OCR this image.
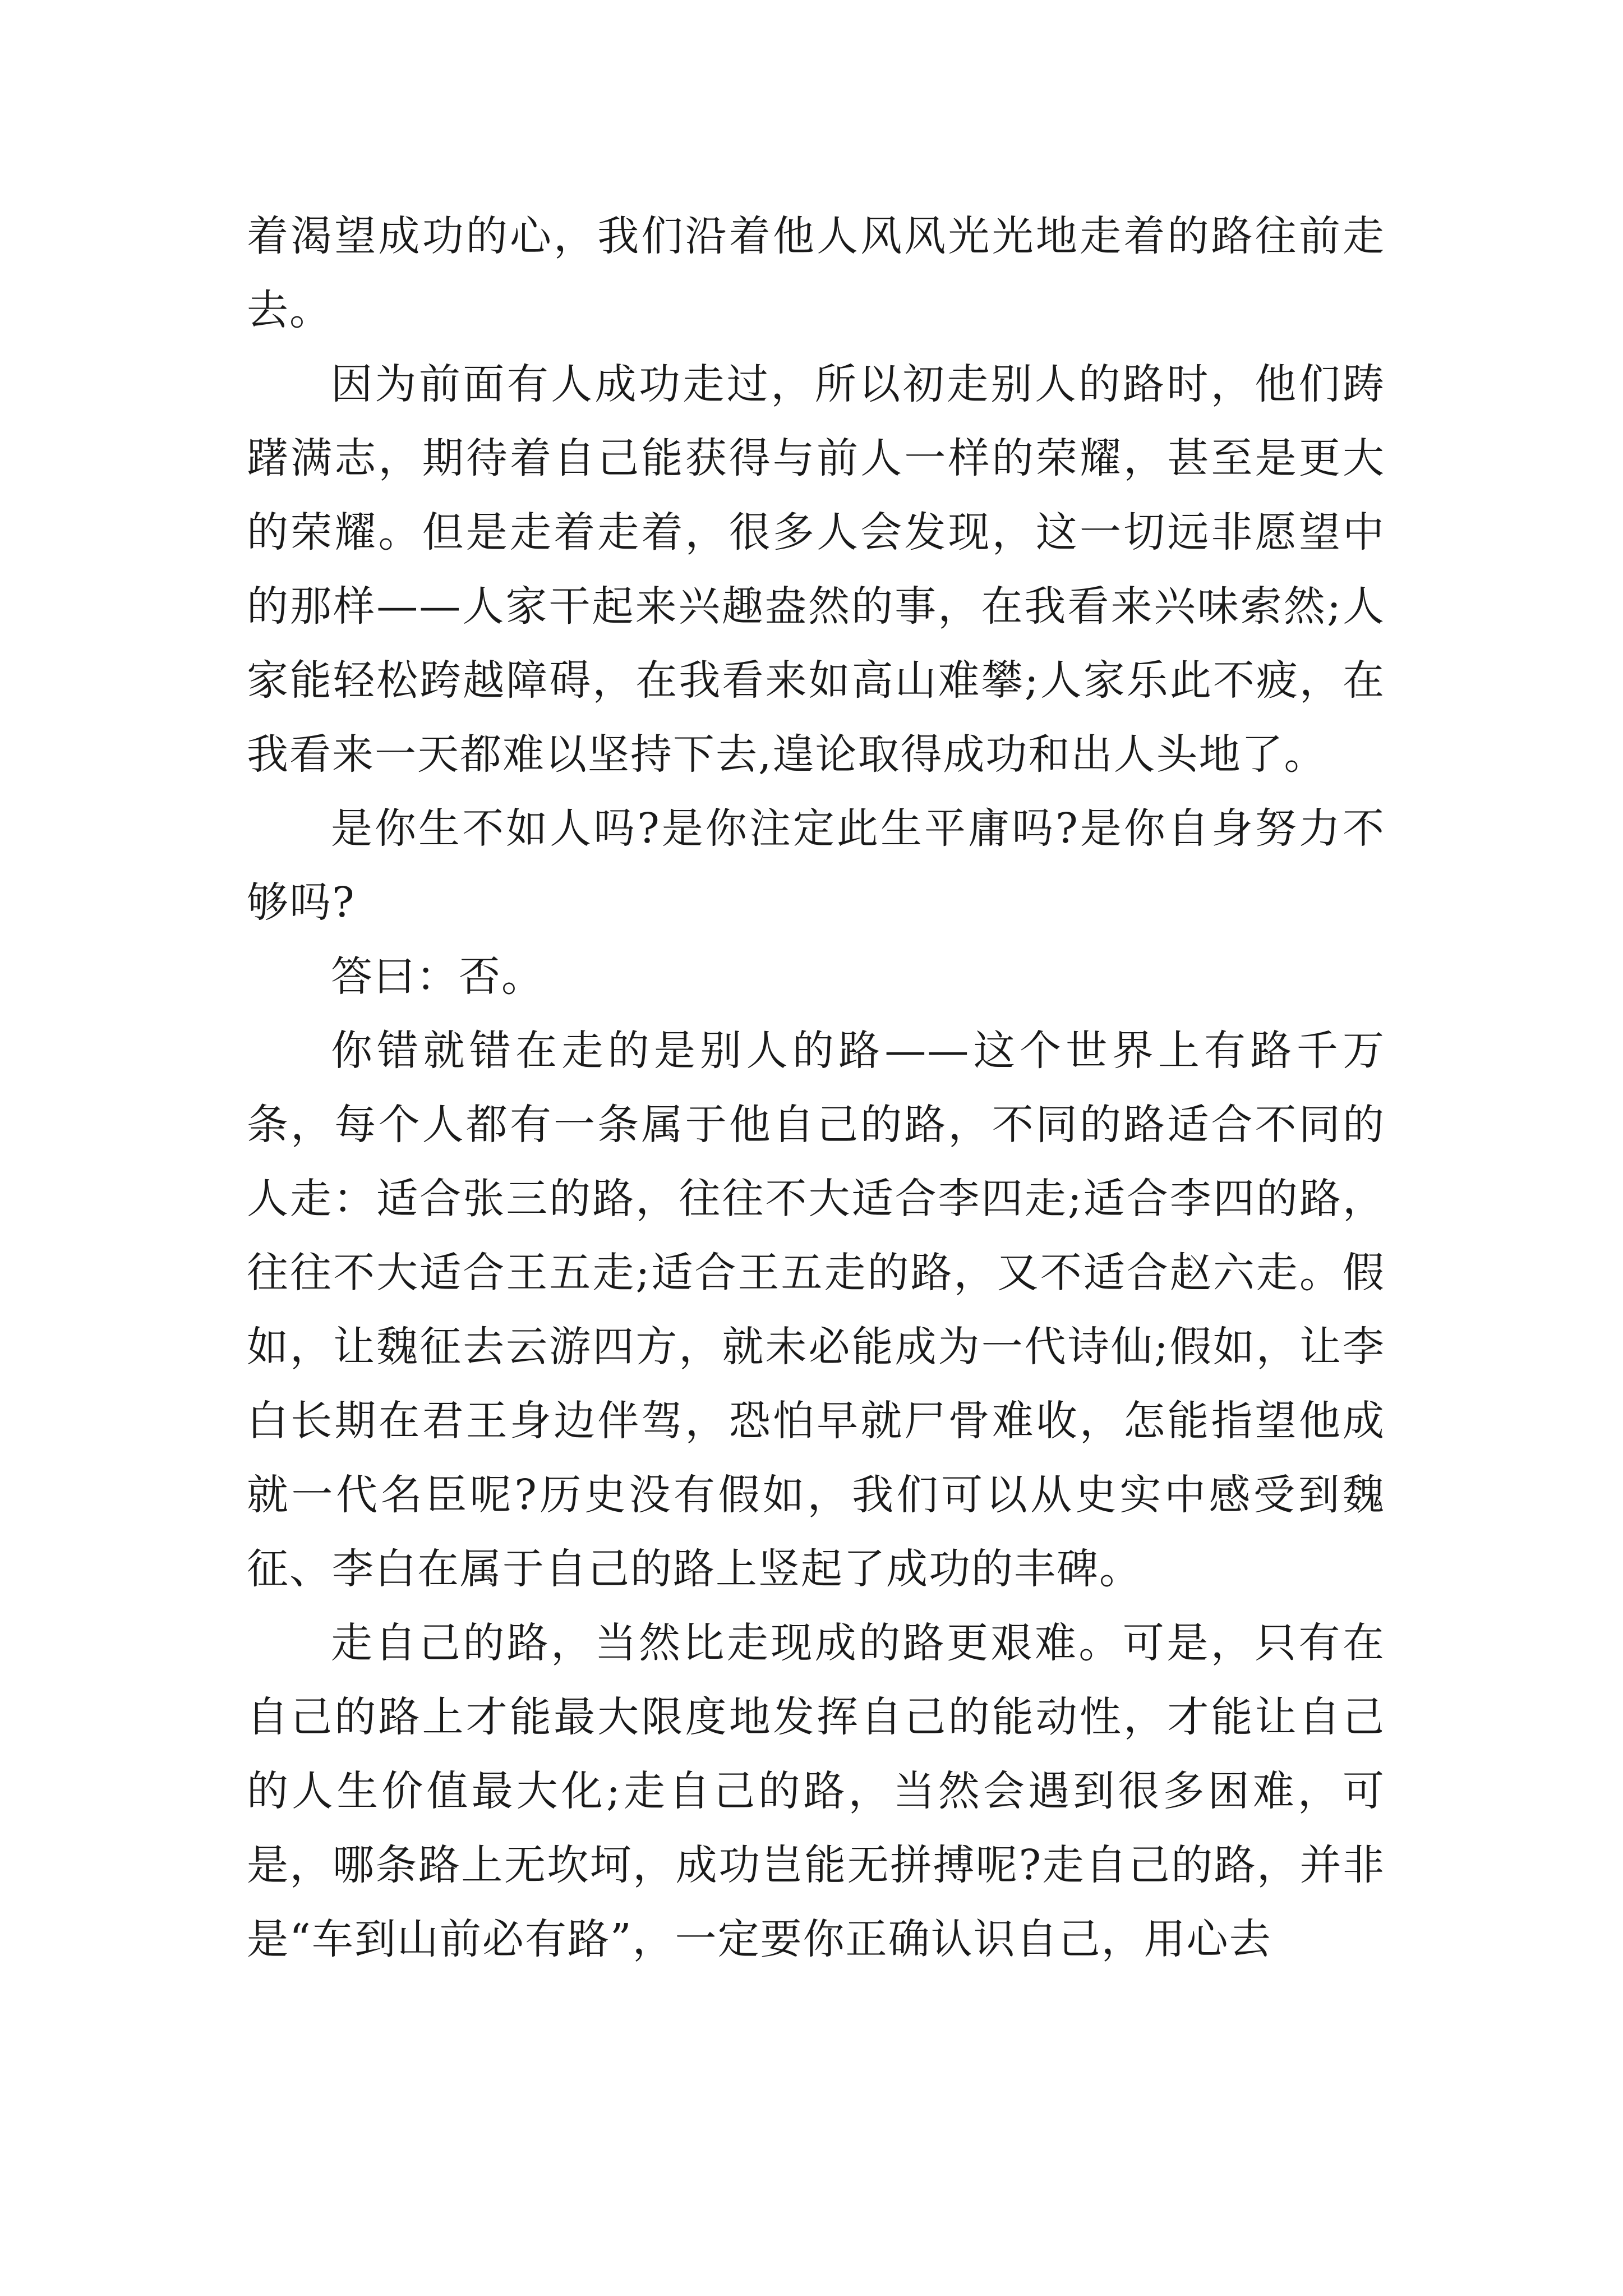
着渴望成功的心，我们沿着他人风风光光地走着的路往前走去。

因为前面有人成功走过，所以初走别人的路时，他们踌躇满志，期待着自己能获得与前人一样的荣耀，甚至是更大的荣耀。但是走着走着，很多人会发现，这一切远非愿望中的那样——人家干起来兴趣盎然的事，在我看来兴味索然;人家能轻松跨越障碍，在我看来如高山难攀;人家乐此不疲，在我看来一天都难以坚持下去,遑论取得成功和出人头地了。

是你生不如人吗?是你注定此生平庸吗?是你自身努力不够吗?

答曰：否。

你错就错在走的是别人的路——这个世界上有路千万条，每个人都有一条属于他自己的路，不同的路适合不同的人走：适合张三的路，往往不大适合李四走;适合李四的路，往往不大适合王五走;适合王五走的路，又不适合赵六走。假如，让魏征去云游四方，就未必能成为一代诗仙;假如，让李白长期在君王身边伴驾，恐怕早就尸骨难收，怎能指望他成就一代名臣呢?历史没有假如，我们可以从史实中感受到魏征、李白在属于自己的路上竖起了成功的丰碑。

走自己的路，当然比走现成的路更艰难。可是，只有在自己的路上才能最大限度地发挥自己的能动性，才能让自己的人生价值最大化;走自己的路，当然会遇到很多困难，可是，哪条路上无坎坷，成功岂能无拼搏呢?走自己的路，并非是“车到山前必有路”，一定要你正确认识自己，用心去
